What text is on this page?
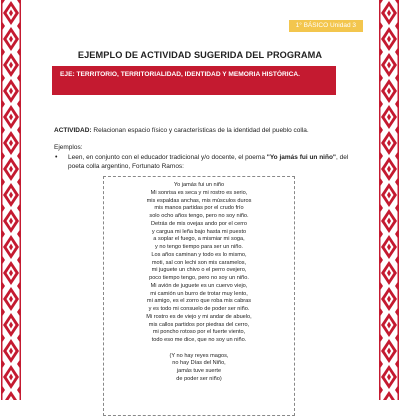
1° BÁSICO Unidad 3
EJEMPLO DE ACTIVIDAD SUGERIDA DEL PROGRAMA
EJE: TERRITORIO, TERRITORIALIDAD, IDENTIDAD Y MEMORIA HISTÓRICA.
ACTIVIDAD: Relacionan espacio físico y características de la identidad del pueblo colla.
Ejemplos:
• Leen, en conjunto con el educador tradicional y/o docente, el poema "Yo jamás fui un niño", del poeta colla argentino, Fortunato Ramos:
Yo jamás fui un niño
Mi sonrisa es seca y mi rostro es serio,
mis espaldas anchas, mis músculos duros
mis manos partidas por el crudo frío
solo ocho años tengo, pero no soy niño.
Detrás de mis ovejas ando por el cerro
y cargua mi leña bajo hasta mi puesto
a soplar el fuego, a mismiar mi soga,
y no tengo tiempo para ser un niño.
Los años caminan y todo es lo mismo,
moti, sal con lechi son mis caramelos,
mi juguete un chivo o el perro ovejero,
poco tiempo tengo, pero no soy un niño.
Mi avión de juguete es un cuervo viejo,
mi camión un burro de trotar muy lento,
mi amigo, es el zorro que roba mis cabras
y es todo mi consuelo de poder ser niño.
Mi rostro es de viejo y mi andar de abuelo,
mis callos partidos por piedras del cerro,
mi poncho rotoso por el fuerte viento,
todo eso me dice, que no soy un niño.
(Y no hay reyes magos,
no hay Días del Niño,
jamás tuve suerte
de poder ser niño)
